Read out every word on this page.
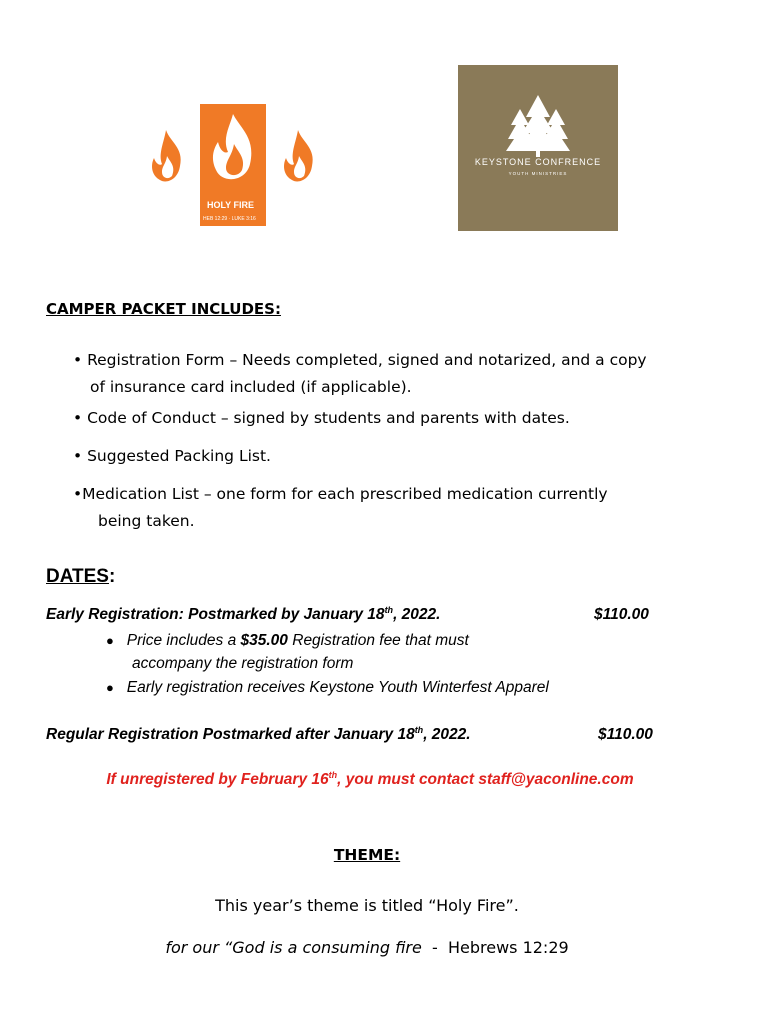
HOLY FIRE
HEB 12:29 · LUKE 3:16
KEYSTONE CONFRENCE
YOUTH MINISTRIES
CAMPER PACKET INCLUDES:
• Registration Form – Needs completed, signed and notarized, and a copy
of insurance card included (if applicable).
• Code of Conduct – signed by students and parents with dates.
• Suggested Packing List.
•Medication List – one form for each prescribed medication currently
being taken.
DATES:
Early Registration: Postmarked by January 18th, 2022.	$110.00
● Price includes a $35.00 Registration fee that must
accompany the registration form
● Early registration receives Keystone Youth Winterfest Apparel
Regular Registration Postmarked after January 18th, 2022.	$110.00
If unregistered by February 16th, you must contact staff@yaconline.com
THEME:
This year’s theme is titled “Holy Fire”.
for our “God is a consuming fire  -  Hebrews 12:29
